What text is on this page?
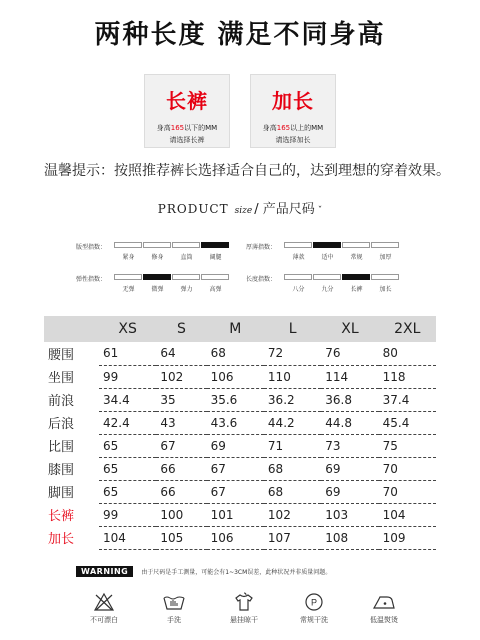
两种长度 满足不同身高
长裤
身高165以下的MM
请选择长裤
加长
身高165以上的MM
请选择加长
温馨提示：按照推荐裤长选择适合自己的，达到理想的穿着效果。
PRODUCT size / 产品尺码 ˇ
版型指数：
紧身	修身	直筒	阔腿
厚薄指数：
薄款	适中	常规	加厚
弹性指数：
无弹	微弹	弹力	高弹
长度指数：
八分	九分	长裤	加长
	XS	S	M	L	XL	2XL
腰围	61	64	68	72	76	80
坐围	99	102	106	110	114	118
前浪	34.4	35	35.6	36.2	36.8	37.4
后浪	42.4	43	43.6	44.2	44.8	45.4
比围	65	67	69	71	73	75
膝围	65	66	67	68	69	70
脚围	65	66	67	68	69	70
长裤	99	100	101	102	103	104
加长	104	105	106	107	108	109
WARNING	由于尺码是手工测量，可能会有1~3CM误差，此种状况并非质量问题。
不可漂白	手洗	悬挂晾干
P
常规干洗	低温熨烫
